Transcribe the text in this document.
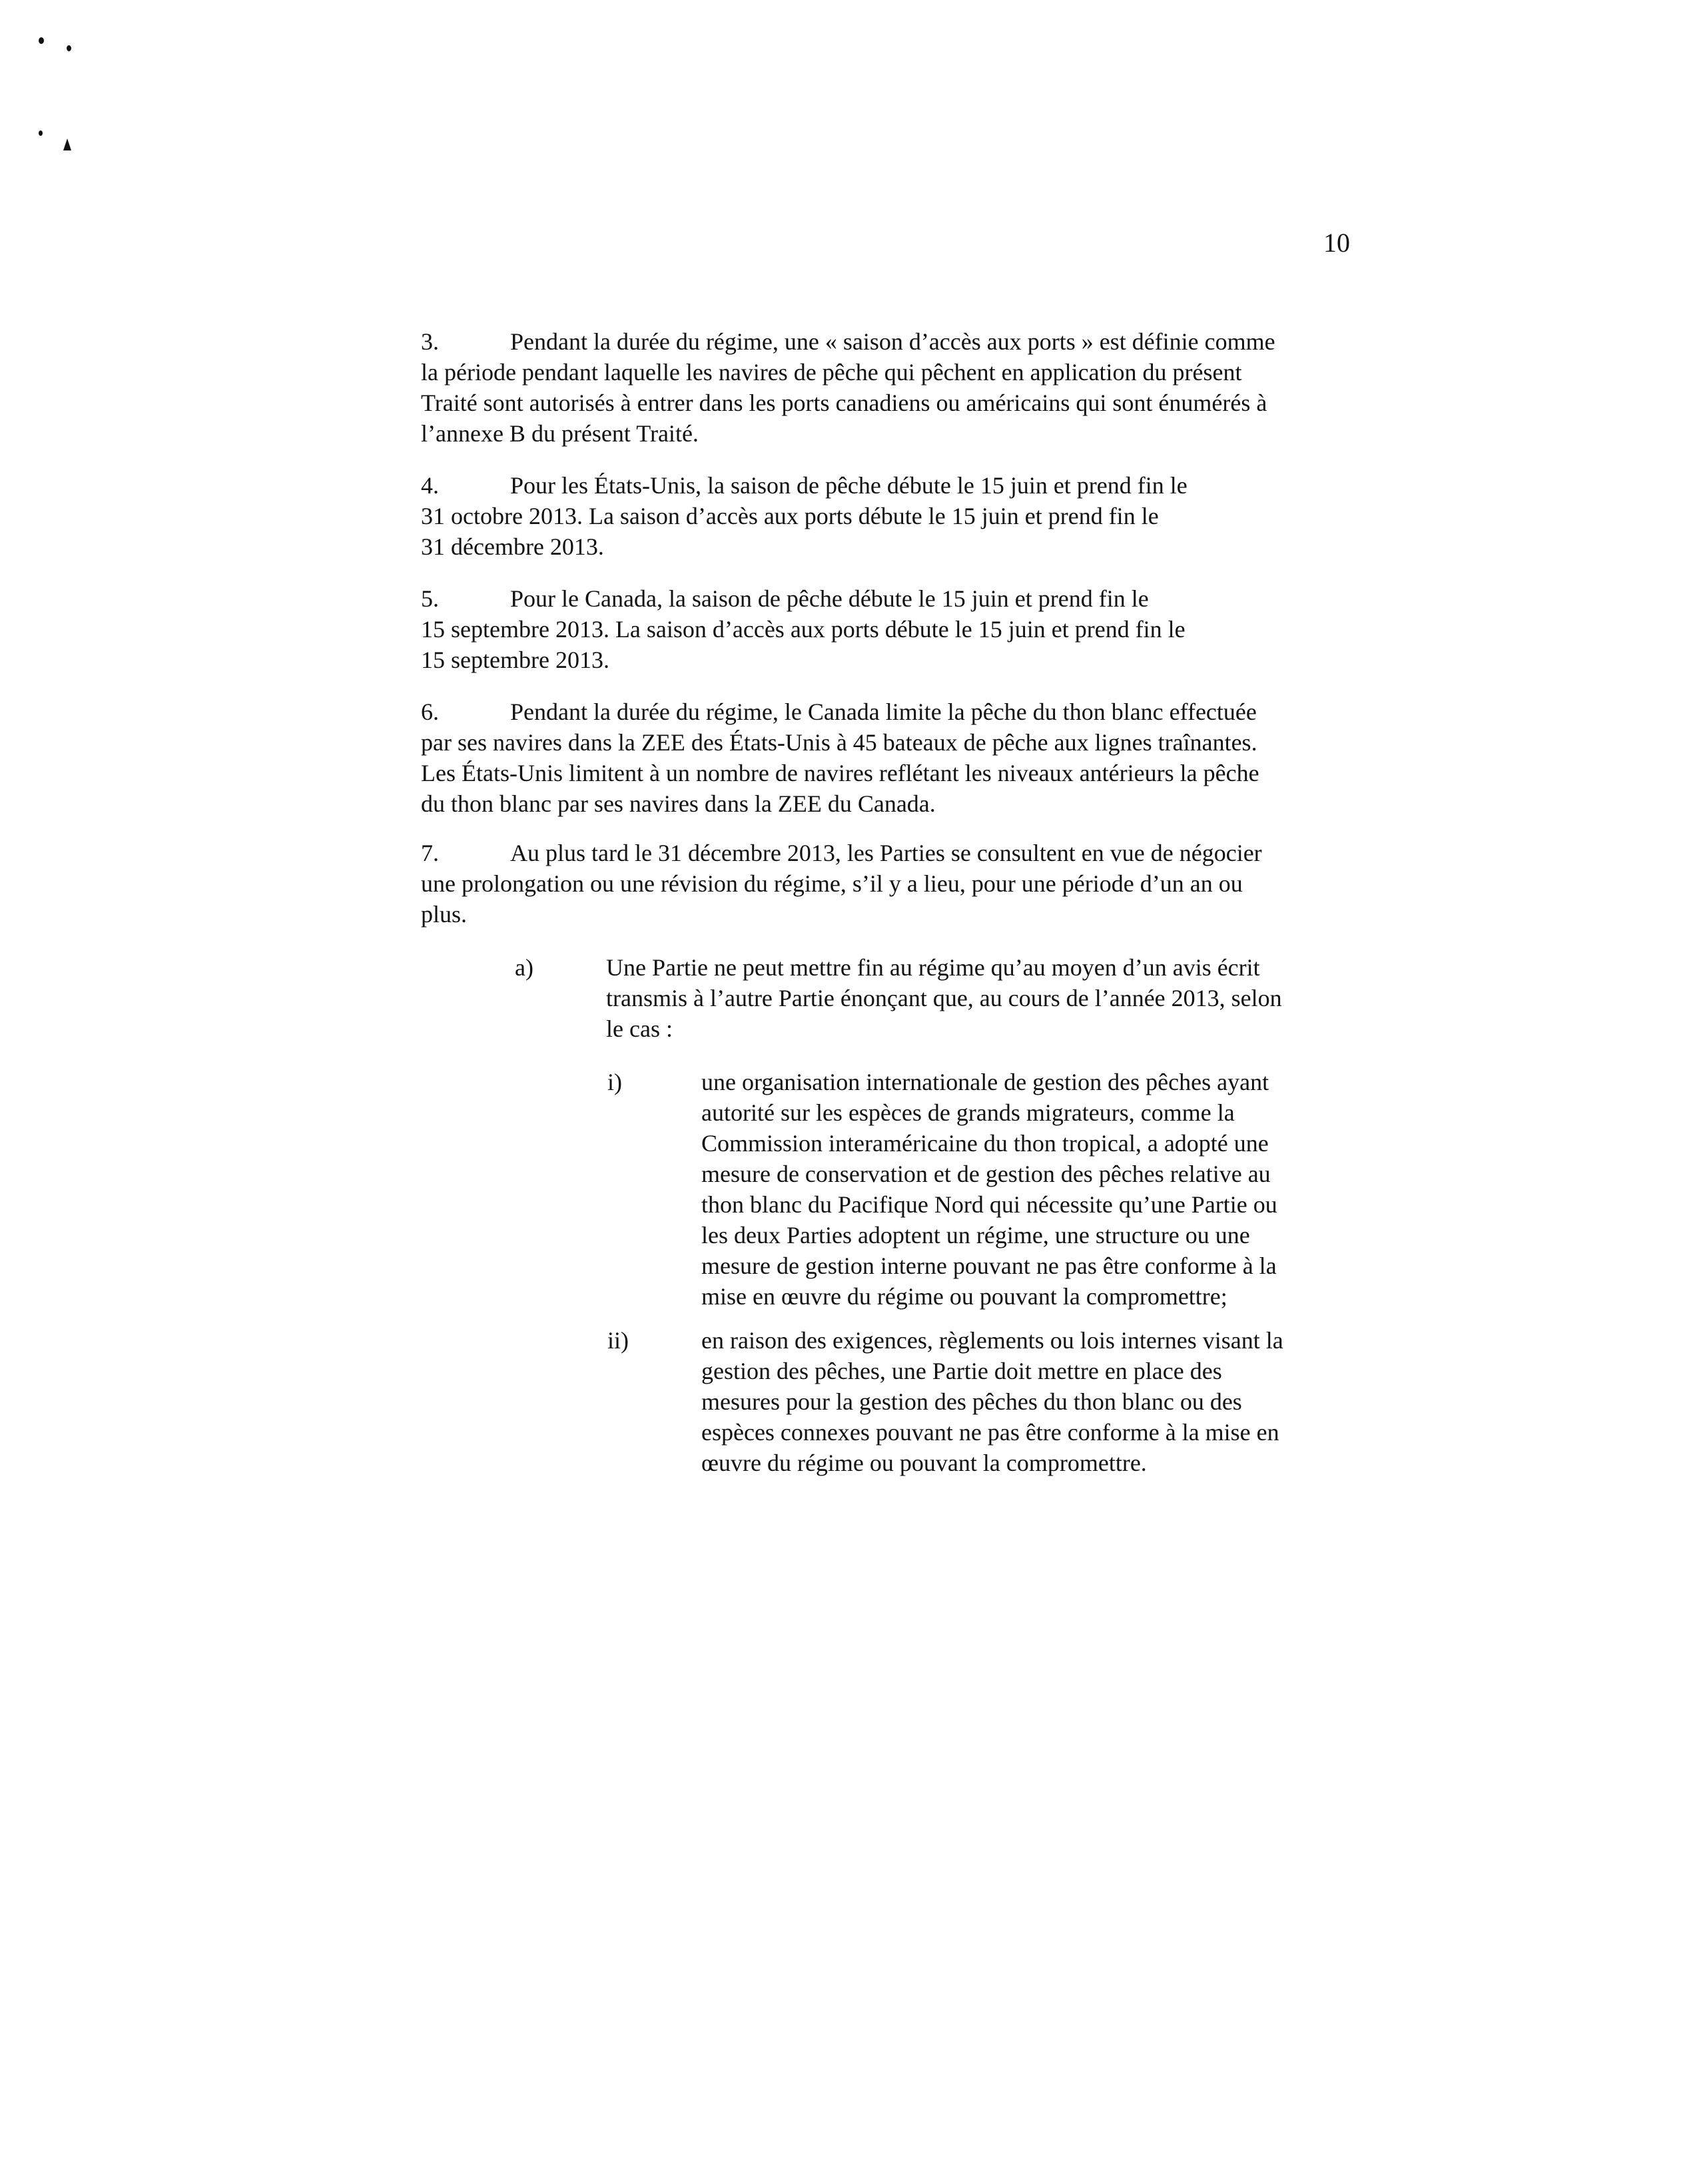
10
3.	Pendant la durée du régime, une « saison d’accès aux ports » est définie comme
la période pendant laquelle les navires de pêche qui pêchent en application du présent
Traité sont autorisés à entrer dans les ports canadiens ou américains qui sont énumérés à
l’annexe B du présent Traité.
4.	Pour les États-Unis, la saison de pêche débute le 15 juin et prend fin le
31 octobre 2013. La saison d’accès aux ports débute le 15 juin et prend fin le
31 décembre 2013.
5.	Pour le Canada, la saison de pêche débute le 15 juin et prend fin le
15 septembre 2013. La saison d’accès aux ports débute le 15 juin et prend fin le
15 septembre 2013.
6.	Pendant la durée du régime, le Canada limite la pêche du thon blanc effectuée
par ses navires dans la ZEE des États-Unis à 45 bateaux de pêche aux lignes traînantes.
Les États-Unis limitent à un nombre de navires reflétant les niveaux antérieurs la pêche
du thon blanc par ses navires dans la ZEE du Canada.
7.	Au plus tard le 31 décembre 2013, les Parties se consultent en vue de négocier
une prolongation ou une révision du régime, s’il y a lieu, pour une période d’un an ou
plus.
a)	Une Partie ne peut mettre fin au régime qu’au moyen d’un avis écrit
transmis à l’autre Partie énonçant que, au cours de l’année 2013, selon
le cas :
i)	une organisation internationale de gestion des pêches ayant
autorité sur les espèces de grands migrateurs, comme la
Commission interaméricaine du thon tropical, a adopté une
mesure de conservation et de gestion des pêches relative au
thon blanc du Pacifique Nord qui nécessite qu’une Partie ou
les deux Parties adoptent un régime, une structure ou une
mesure de gestion interne pouvant ne pas être conforme à la
mise en œuvre du régime ou pouvant la compromettre;
ii)	en raison des exigences, règlements ou lois internes visant la
gestion des pêches, une Partie doit mettre en place des
mesures pour la gestion des pêches du thon blanc ou des
espèces connexes pouvant ne pas être conforme à la mise en
œuvre du régime ou pouvant la compromettre.
